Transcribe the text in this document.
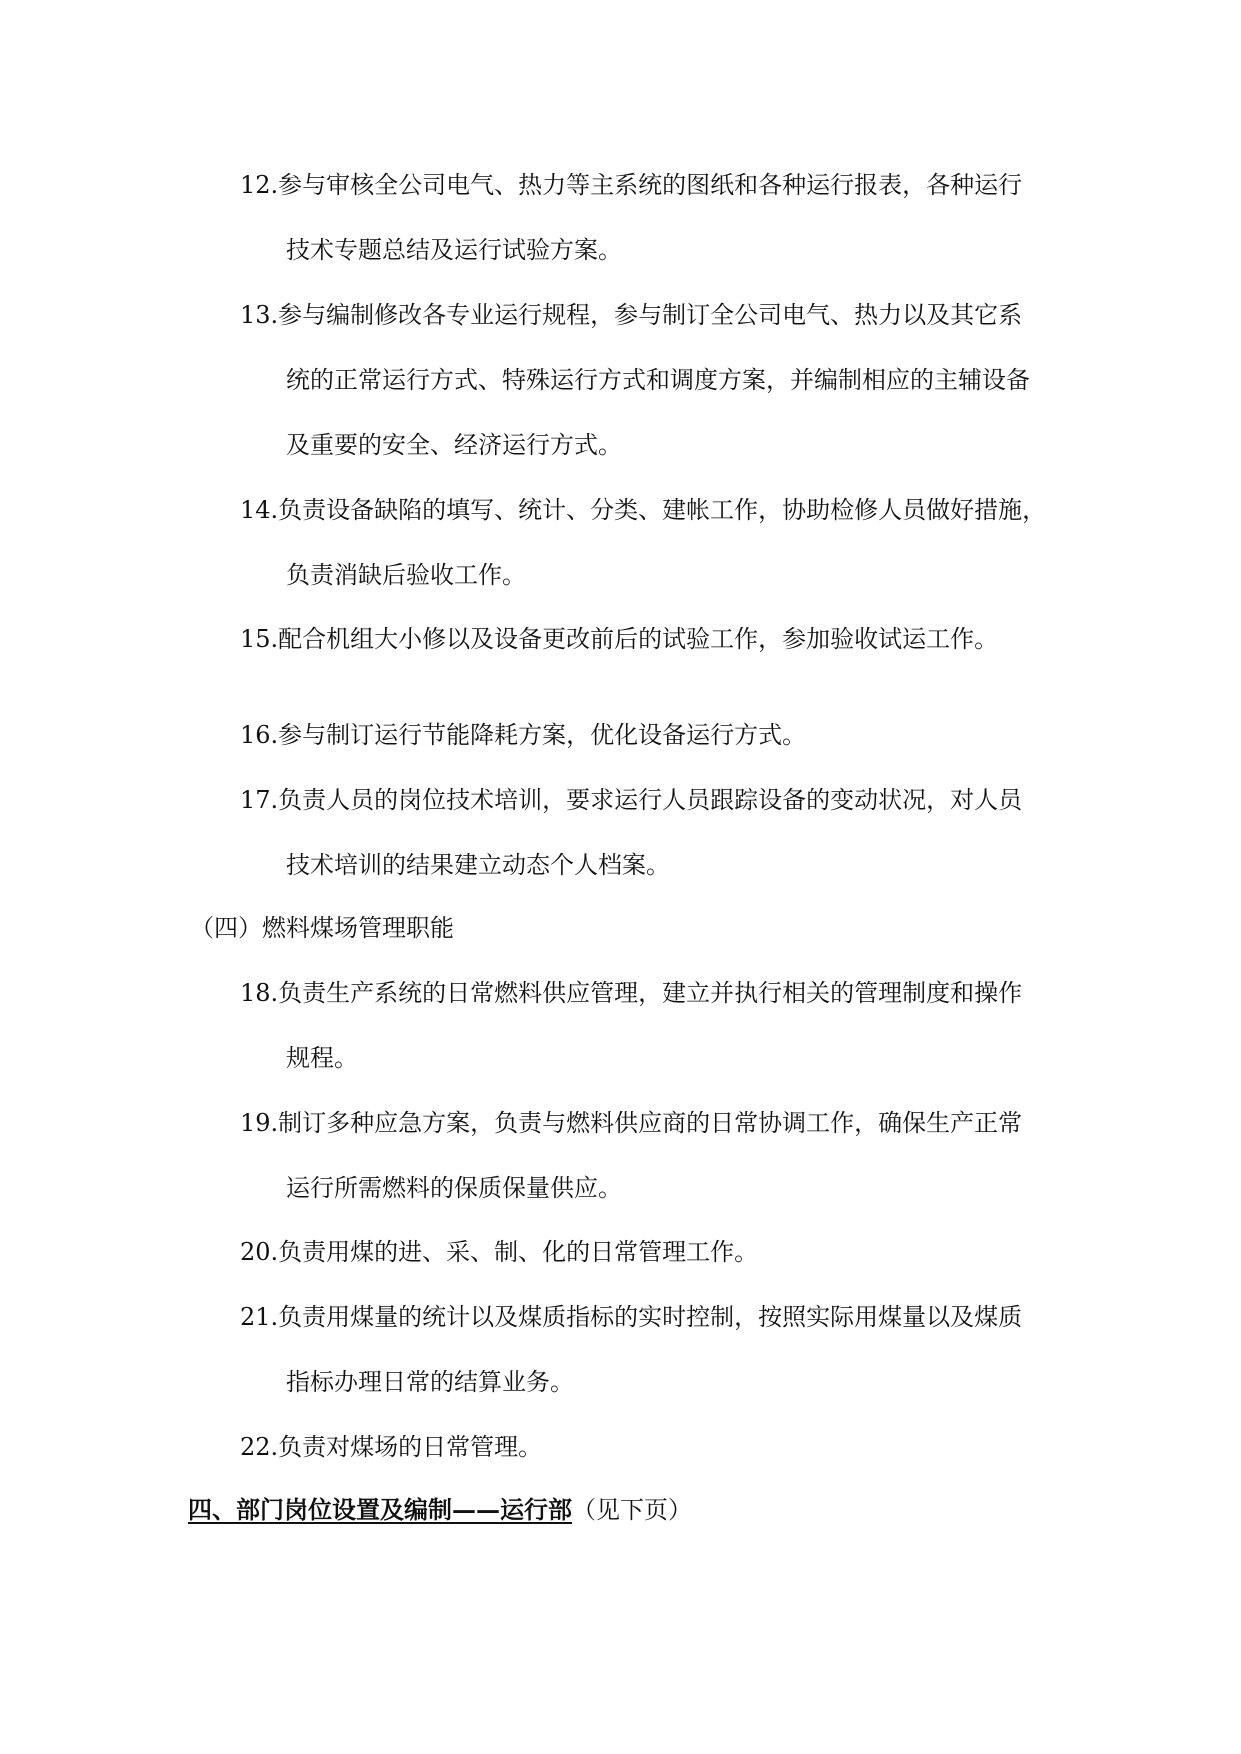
12.参与审核全公司电气、热力等主系统的图纸和各种运行报表，各种运行
技术专题总结及运行试验方案。
13.参与编制修改各专业运行规程，参与制订全公司电气、热力以及其它系
统的正常运行方式、特殊运行方式和调度方案，并编制相应的主辅设备
及重要的安全、经济运行方式。
14.负责设备缺陷的填写、统计、分类、建帐工作，协助检修人员做好措施，
负责消缺后验收工作。
15.配合机组大小修以及设备更改前后的试验工作，参加验收试运工作。
16.参与制订运行节能降耗方案，优化设备运行方式。
17.负责人员的岗位技术培训，要求运行人员跟踪设备的变动状况，对人员
技术培训的结果建立动态个人档案。
（四）燃料煤场管理职能
18.负责生产系统的日常燃料供应管理，建立并执行相关的管理制度和操作
规程。
19.制订多种应急方案，负责与燃料供应商的日常协调工作，确保生产正常
运行所需燃料的保质保量供应。
20.负责用煤的进、采、制、化的日常管理工作。
21.负责用煤量的统计以及煤质指标的实时控制，按照实际用煤量以及煤质
指标办理日常的结算业务。
22.负责对煤场的日常管理。
四、部门岗位设置及编制——运行部（见下页）
